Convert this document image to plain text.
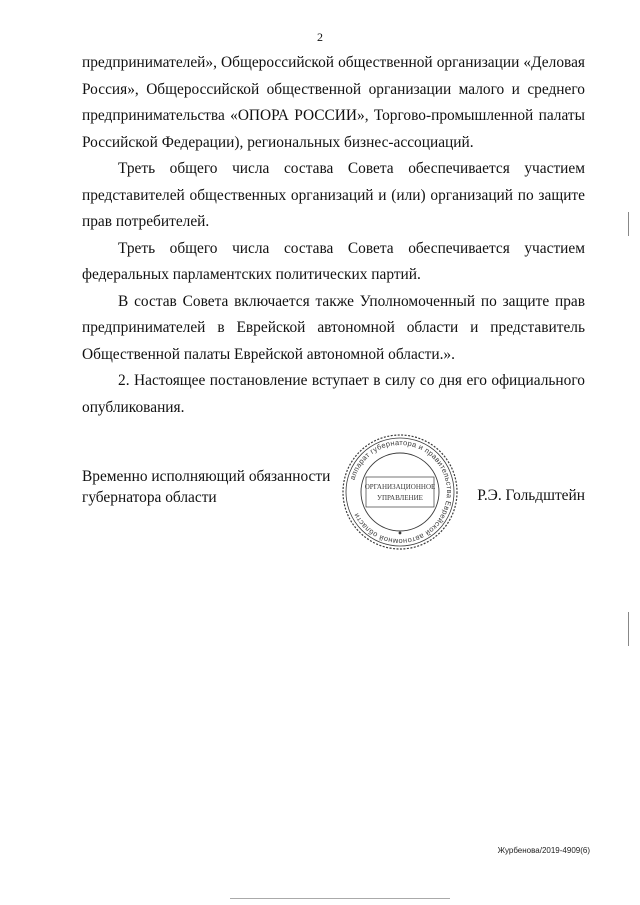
2

предпринимателей», Общероссийской общественной организации «Деловая Россия», Общероссийской общественной организации малого и среднего предпринимательства «ОПОРА РОССИИ», Торгово-промышленной палаты Российской Федерации), региональных бизнес-ассоциаций.

Треть общего числа состава Совета обеспечивается участием представителей общественных организаций и (или) организаций по защите прав потребителей.

Треть общего числа состава Совета обеспечивается участием федеральных парламентских политических партий.

В состав Совета включается также Уполномоченный по защите прав предпринимателей в Еврейской автономной области и представитель Общественной палаты Еврейской автономной области.».

2. Настоящее постановление вступает в силу со дня его официального опубликования.

Временно исполняющий обязанности
губернатора области
аппарат губернатора и правительства Еврейской автономной области
ОРГАНИЗАЦИОННОЕ
УПРАВЛЕНИЕ	Р.Э. Гольдштейн
Журбенова/2019-4909(6)
